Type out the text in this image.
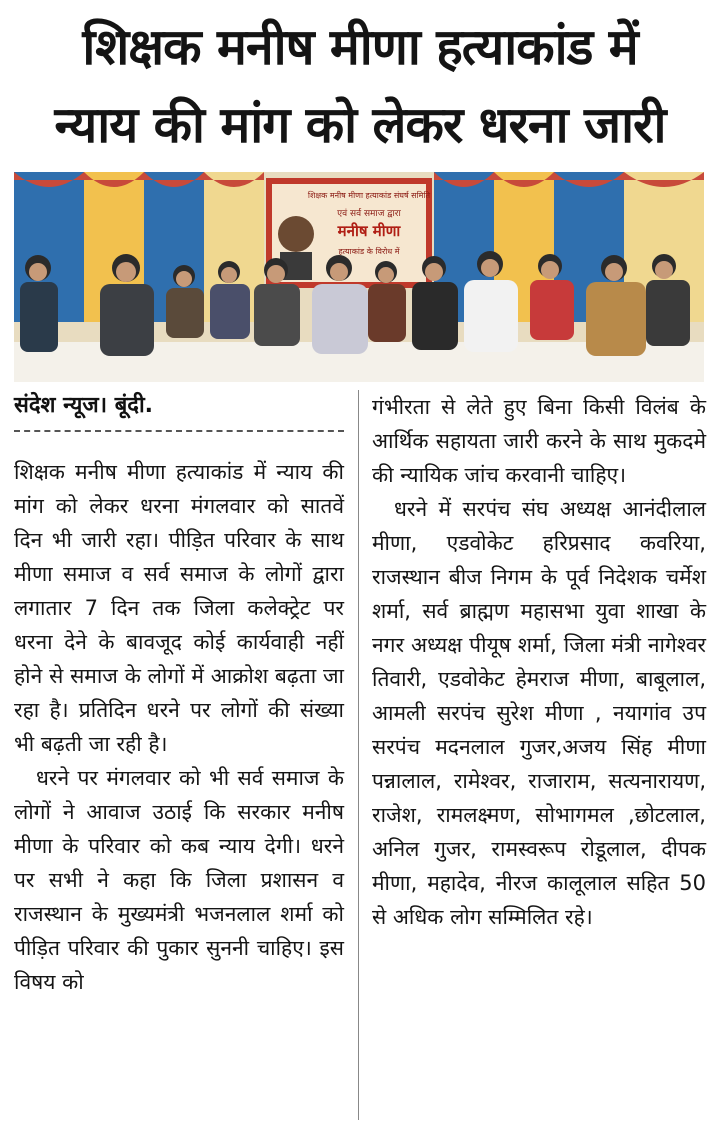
शिक्षक मनीष मीणा हत्याकांड में
न्याय की मांग को लेकर धरना जारी
शिक्षक मनीष मीणा हत्याकांड संघर्ष समिति
एवं सर्व समाज द्वारा
मनीष मीणा
हत्याकांड के विरोध में
संदेश न्यूज। बूंदी.

शिक्षक मनीष मीणा हत्याकांड में न्याय की मांग को लेकर धरना मंगलवार को सातवें दिन भी जारी रहा। पीड़ित परिवार के साथ मीणा समाज व सर्व समाज के लोगों द्वारा लगातार 7 दिन तक जिला कलेक्ट्रेट पर धरना देने के बावजूद कोई कार्यवाही नहीं होने से समाज के लोगों में आक्रोश बढ़ता जा रहा है। प्रतिदिन धरने पर लोगों की संख्या भी बढ़ती जा रही है।

धरने पर मंगलवार को भी सर्व समाज के लोगों ने आवाज उठाई कि सरकार मनीष मीणा के परिवार को कब न्याय देगी। धरने पर सभी ने कहा कि जिला प्रशासन व राजस्थान के मुख्यमंत्री भजनलाल शर्मा को पीड़ित परिवार की पुकार सुननी चाहिए। इस विषय को

गंभीरता से लेते हुए बिना किसी विलंब के आर्थिक सहायता जारी करने के साथ मुकदमे की न्यायिक जांच करवानी चाहिए।

धरने में सरपंच संघ अध्यक्ष आनंदीलाल मीणा, एडवोकेट हरिप्रसाद कवरिया, राजस्थान बीज निगम के पूर्व निदेशक चर्मेश शर्मा, सर्व ब्राह्मण महासभा युवा शाखा के नगर अध्यक्ष पीयूष शर्मा, जिला मंत्री नागेश्वर तिवारी, एडवोकेट हेमराज मीणा, बाबूलाल, आमली सरपंच सुरेश मीणा , नयागांव उप सरपंच मदनलाल गुजर,अजय सिंह मीणा पन्नालाल, रामेश्वर, राजाराम, सत्यनारायण, राजेश, रामलक्ष्मण, सोभागमल ,छोटलाल, अनिल गुजर, रामस्वरूप रोडूलाल, दीपक मीणा, महादेव, नीरज कालूलाल सहित 50 से अधिक लोग सम्मिलित रहे।
